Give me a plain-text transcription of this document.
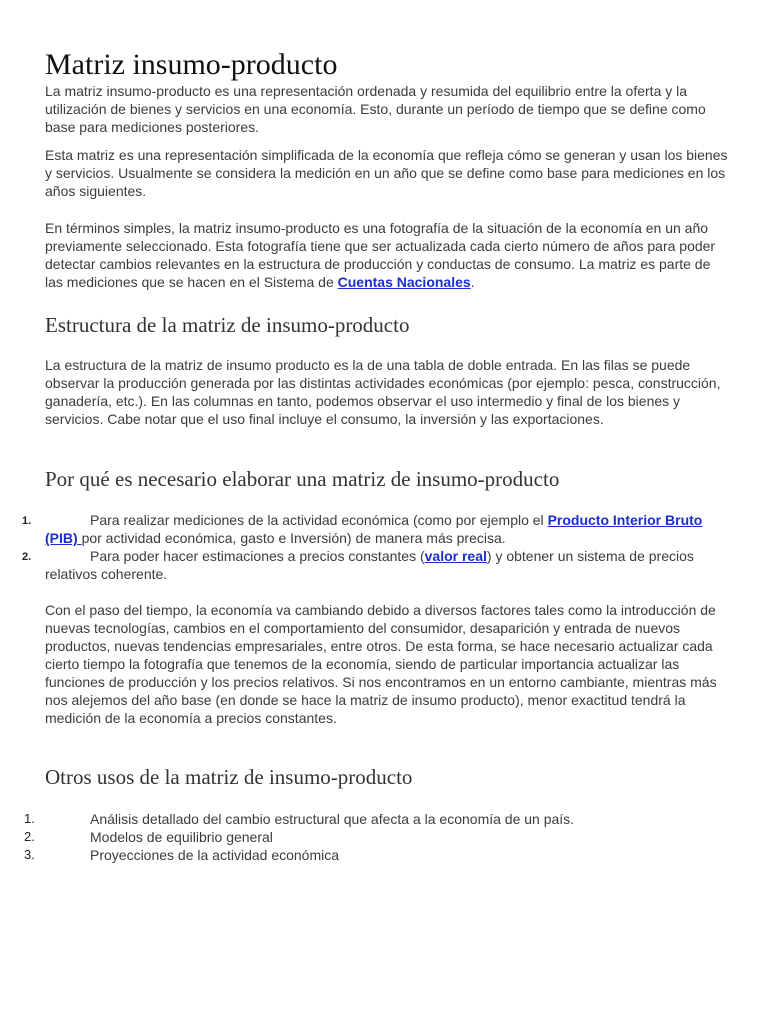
Matriz insumo-producto

La matriz insumo-producto es una representación ordenada y resumida del equilibrio entre la oferta y la utilización de bienes y servicios en una economía. Esto, durante un período de tiempo que se define como base para mediciones posteriores.

Esta matriz es una representación simplificada de la economía que refleja cómo se generan y usan los bienes y servicios. Usualmente se considera la medición en un año que se define como base para mediciones en los años siguientes.

En términos simples, la matriz insumo-producto es una fotografía de la situación de la economía en un año previamente seleccionado. Esta fotografía tiene que ser actualizada cada cierto número de años para poder detectar cambios relevantes en la estructura de producción y conductas de consumo. La matriz es parte de las mediciones que se hacen en el Sistema de Cuentas Nacionales.

Estructura de la matriz de insumo-producto

La estructura de la matriz de insumo producto es la de una tabla de doble entrada. En las filas se puede observar la producción generada por las distintas actividades económicas (por ejemplo: pesca, construcción, ganadería, etc.). En las columnas en tanto, podemos observar el uso intermedio y final de los bienes y servicios. Cabe notar que el uso final incluye el consumo, la inversión y las exportaciones.

Por qué es necesario elaborar una matriz de insumo-producto
1.	Para realizar mediciones de la actividad económica (como por ejemplo el Producto Interior Bruto (PIB) por actividad económica, gasto e Inversión) de manera más precisa.
2.	Para poder hacer estimaciones a precios constantes (valor real) y obtener un sistema de precios relativos coherente.

Con el paso del tiempo, la economía va cambiando debido a diversos factores tales como la introducción de nuevas tecnologías, cambios en el comportamiento del consumidor, desaparición y entrada de nuevos productos, nuevas tendencias empresariales, entre otros. De esta forma, se hace necesario actualizar cada cierto tiempo la fotografía que tenemos de la economía, siendo de particular importancia actualizar las funciones de producción y los precios relativos. Si nos encontramos en un entorno cambiante, mientras más nos alejemos del año base (en donde se hace la matriz de insumo producto), menor exactitud tendrá la medición de la economía a precios constantes.

Otros usos de la matriz de insumo-producto
1.	Análisis detallado del cambio estructural que afecta a la economía de un país.
2.	Modelos de equilibrio general
3.	Proyecciones de la actividad económica
